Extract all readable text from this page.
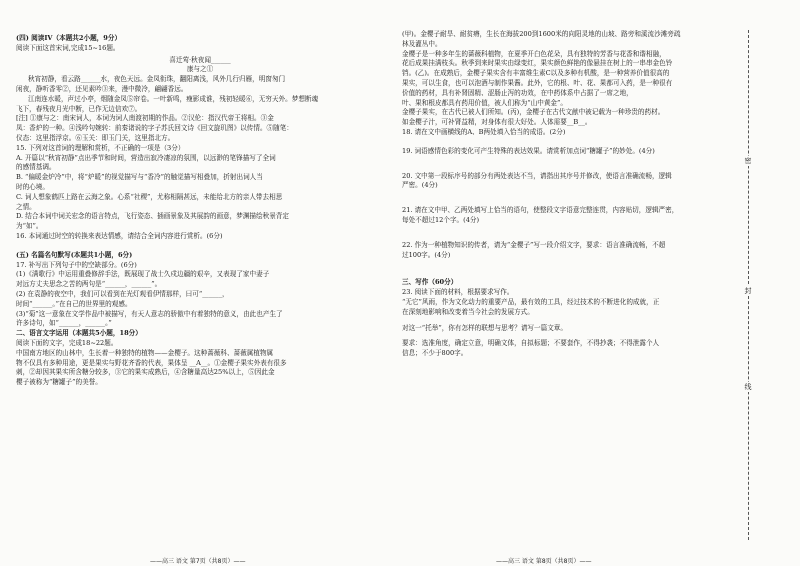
(四) 阅读IV（本题共2小题，9分）

阅读下面这首宋词,完成15~16题。

喜迁莺·秋夜闻______

康与之①

秋宵初静，看云路______水，夜色天远。金凤衔珠，翻阳离浅，风外几行归雁，明窗匆门

闲夜，静听香零②，还见素吟③来，漫中微冷，翩翩香远。

江南连水暖，声过小亭，烟随金凤⑤帘卷。一叶新鸣，瘦影成谁，残初轻暖⑥，无穷天外。梦想断魂

飞下，春残夜月光中断，已作无边信欢⑦。

[注] ①康与之：南宋词人，本词为词人南渡初期的作品。②汉伦：指汉代帝王将相。③金

凤：香炉的一种。④浅吟句婉转：前秦诸说的字子苏氏回文诗《回文旋玑图》以传情。⑤随笔：

仪态：这里指浮京。⑥玉关：即玉门关，这里指北方。

15. 下列对这首词的理解和赏析，不正确的一项是（3分）

A. 开篇以“秋宵初静”点出季节和时间，营造出寂冷凄凉的氛围，以远渺的笔锋描写了全词

的感情基调。

B. “偏暖金炉冷”中，将“炉暖”的视觉描写与“香冷”的触觉描写相叠加，折射出词人当

时的心境。

C. 词人想象鹤匹上路在云海之象。心系“社稷”，尤称相隔甚远，未能给北方的亲人带去相思

之情。

D. 结合本词中词关宏念的语言特点，飞行姿态、插画景象及其展韵的画意，梦渊描绘秋景背定

为“如”。

16. 本词通过时空的转换来表达情感，请结合全词内容进行赏析。(6分)

(五) 名篇名句默写(本题共1小题，6分)

17. 补写出下列句子中的空缺部分。(6分)

(1)《满歌行》中运用重叠修辞手法，既展现了战士久戍边疆的艰辛，又表现了家中妻子

对远方丈夫思念之苦的两句是“______，______”。

(2) 在袁静的夜空中，我们可以看到在光灯观看伊情那样，曰可“______，

时间“______。”在自己的世界里的观感。

(3)“菊”这一意象在文学作品中被描写，有天人意志的骄傲中有着独特的意义，由此也产生了

许多诗句，如“______，______。”

二、语言文字运用（本题共5小题，18分）

阅读下面的文字，完成18~22题。

中国南方地区的山林中，生长着一种独特的植物——金樱子。这种蔷薇科、蔷薇属植物属

物不仅具有多种用途，更是果实与野花齐香的代表，果体呈 __A__。①金樱子果实外表有很多

刺，②却因其果实所含糖分较多，③它的果实成熟后，④含糖量高达25%以上，⑤因此金

樱子被称为“糖罐子”的美誉。

(甲)。金樱子耐旱、耐贫瘠，生长在海拔200到1600米的向阳灵地的山坡、路旁和溪流沙滩旁疏

林及灌丛中。

金樱子是一种多年生的蔷薇科植物，在夏季开白色花朵，具有独特的芳香与花香和谐相融，

花后成果挂满枝头。秋季到来时果实由绿变红，果实颜色鲜艳的像悬挂在树上的一串串金色铃

铛。(乙)。在成熟后，金樱子果实含有丰富维生素C以及多种有机酸，是一种营养价值很高的

果实，可以生食，也可以泡酒与制作果酱。此外，它的根、叶、花、果都可入药，是一种很有

价值的药材，具有补肾固精、涩肠止泻的功效，在中药体系中占据了一席之地，

叶、果和根皮都具有药用价值，被人们称为“山中黄金”。

金樱子果实，在古代已被人们所知。(丙)，金樱子在古代文献中被记载为一种珍贵的药材。

如金樱子汁，可补肾益精，对身体有很大好处。人体需要__B__。

18. 请在文中画横线的A、B两处填入恰当的成语。(2分)

19. 词语感情色彩的变化可产生特殊的表达效果。请赏析加点词“糖罐子”的妙处。(4分)

20. 文中第一段标序号的部分有两处表达不当，请指出其序号并修改，使语言准确流畅，逻辑

严密。(4分)

21. 请在文中甲、乙两处填写上恰当的语句，使整段文字语意完整连贯，内容贴切，逻辑严密，

每处不超过12个字。(4分)

22. 作为一种植物知识的传者，请为“金樱子”写一段介绍文字，要求：语言准确流畅，不超

过100字。(4分)

三、写作（60分）

23. 阅读下面的材料，根据要求写作。

“无它”风雨，作为文化动力的重要产品，最有效的工具，经过技术的不断进化的成就，正

在深刻地影响和改变着当今社会的发展方式。

对这一“托举”，你有怎样的联想与思考？请写一篇文章。

要求：选准角度，确定立意，明确文体，自拟标题；不要套作，不得抄袭；不得泄露个人

信息；不少于800字。

密
封
线
——高三 语文 第7页（共8页）——	——高三 语文 第8页（共8页）——
